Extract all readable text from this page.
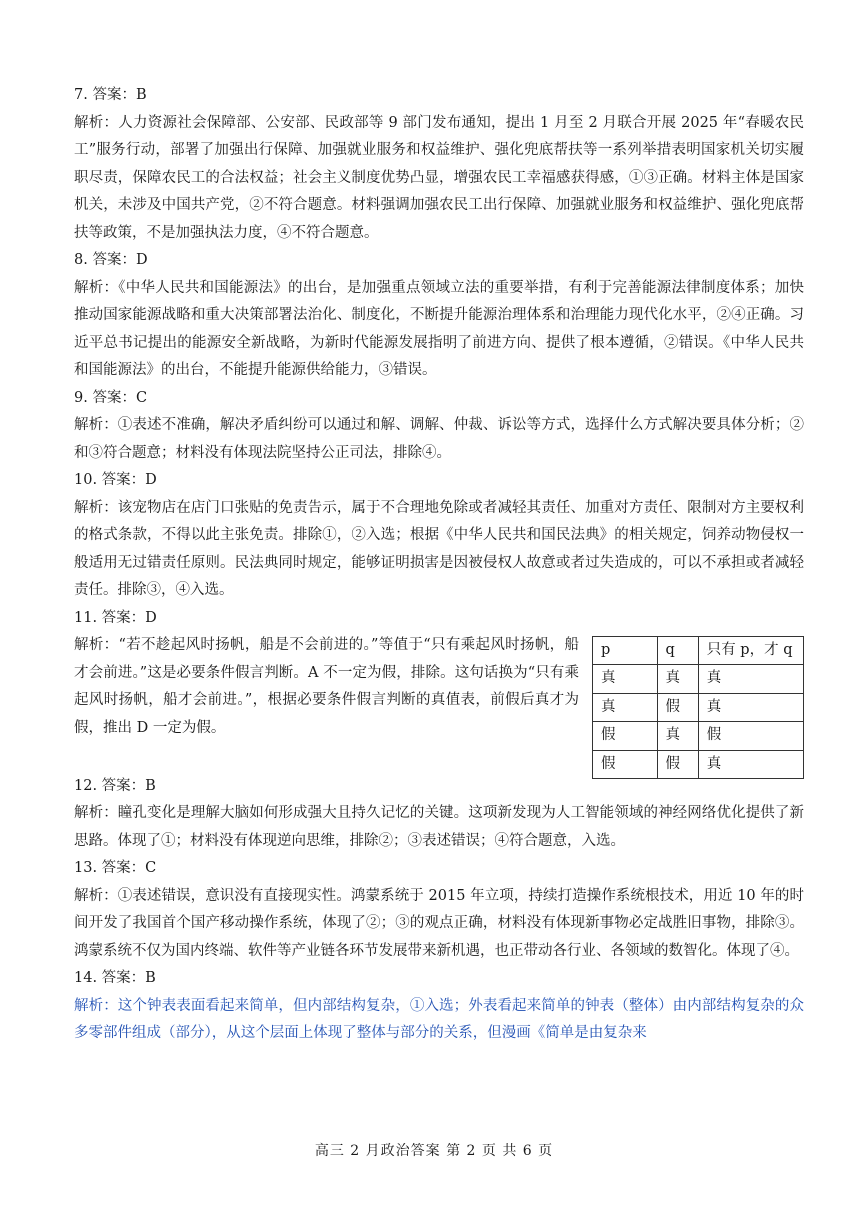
7. 答案：B

解析：人力资源社会保障部、公安部、民政部等 9 部门发布通知，提出 1 月至 2 月联合开展 2025 年“春暖农民工”服务行动，部署了加强出行保障、加强就业服务和权益维护、强化兜底帮扶等一系列举措表明国家机关切实履职尽责，保障农民工的合法权益；社会主义制度优势凸显，增强农民工幸福感获得感，①③正确。材料主体是国家机关，未涉及中国共产党，②不符合题意。材料强调加强农民工出行保障、加强就业服务和权益维护、强化兜底帮扶等政策，不是加强执法力度，④不符合题意。

8. 答案：D

解析：《中华人民共和国能源法》的出台，是加强重点领域立法的重要举措，有利于完善能源法律制度体系；加快推动国家能源战略和重大决策部署法治化、制度化，不断提升能源治理体系和治理能力现代化水平，②④正确。习近平总书记提出的能源安全新战略，为新时代能源发展指明了前进方向、提供了根本遵循，②错误。《中华人民共和国能源法》的出台，不能提升能源供给能力，③错误。

9. 答案：C

解析：①表述不准确，解决矛盾纠纷可以通过和解、调解、仲裁、诉讼等方式，选择什么方式解决要具体分析；②和③符合题意；材料没有体现法院坚持公正司法，排除④。

10. 答案：D

解析：该宠物店在店门口张贴的免责告示，属于不合理地免除或者减轻其责任、加重对方责任、限制对方主要权利的格式条款，不得以此主张免责。排除①，②入选；根据《中华人民共和国民法典》的相关规定，饲养动物侵权一般适用无过错责任原则。民法典同时规定，能够证明损害是因被侵权人故意或者过失造成的，可以不承担或者减轻责任。排除③，④入选。

11. 答案：D

解析：“若不趁起风时扬帆，船是不会前进的。”等值于“只有乘起风时扬帆，船才会前进。”这是必要条件假言判断。A 不一定为假，排除。这句话换为“只有乘起风时扬帆，船才会前进。”，根据必要条件假言判断的真值表，前假后真才为假，推出 D 一定为假。

p	q	只有 p，才 q
真	真	真
真	假	真
假	真	假
假	假	真

12. 答案：B

解析：瞳孔变化是理解大脑如何形成强大且持久记忆的关键。这项新发现为人工智能领域的神经网络优化提供了新思路。体现了①；材料没有体现逆向思维，排除②；③表述错误；④符合题意，入选。

13. 答案：C

解析：①表述错误，意识没有直接现实性。鸿蒙系统于 2015 年立项，持续打造操作系统根技术，用近 10 年的时间开发了我国首个国产移动操作系统，体现了②；③的观点正确，材料没有体现新事物必定战胜旧事物，排除③。鸿蒙系统不仅为国内终端、软件等产业链各环节发展带来新机遇，也正带动各行业、各领域的数智化。体现了④。

14. 答案：B

解析：这个钟表表面看起来简单，但内部结构复杂，①入选；外表看起来简单的钟表（整体）由内部结构复杂的众多零部件组成（部分），从这个层面上体现了整体与部分的关系，但漫画《简单是由复杂来

高三 2 月政治答案 第 2 页 共 6 页
